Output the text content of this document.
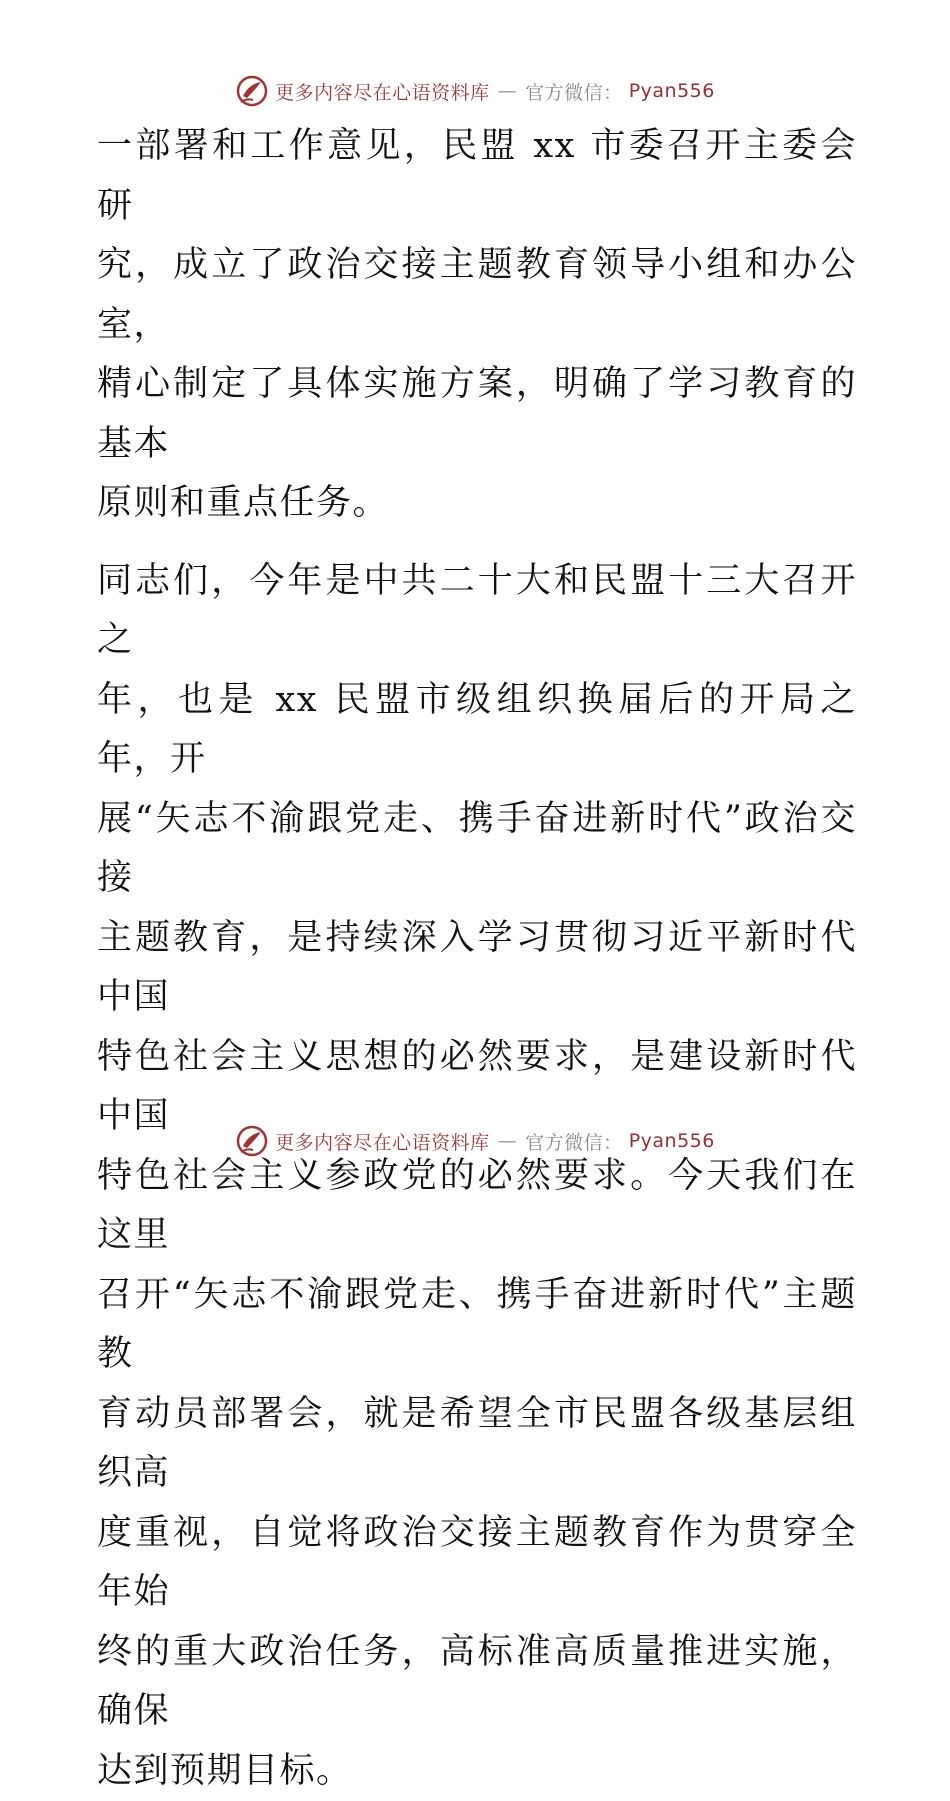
更多内容尽在心语资料库 — 官方微信： Pyan556

一部署和工作意见，民盟 xx 市委召开主委会研
究，成立了政治交接主题教育领导小组和办公室，
精心制定了具体实施方案，明确了学习教育的基本
原则和重点任务。

同志们，今年是中共二十大和民盟十三大召开之
年，也是 xx 民盟市级组织换届后的开局之年，开
展“矢志不渝跟党走、携手奋进新时代”政治交接
主题教育，是持续深入学习贯彻习近平新时代中国
特色社会主义思想的必然要求，是建设新时代中国
特色社会主义参政党的必然要求。今天我们在这里
召开“矢志不渝跟党走、携手奋进新时代”主题教
育动员部署会，就是希望全市民盟各级基层组织高
度重视，自觉将政治交接主题教育作为贯穿全年始
终的重大政治任务，高标准高质量推进实施，确保
达到预期目标。

更多内容尽在心语资料库 — 官方微信： Pyan556
